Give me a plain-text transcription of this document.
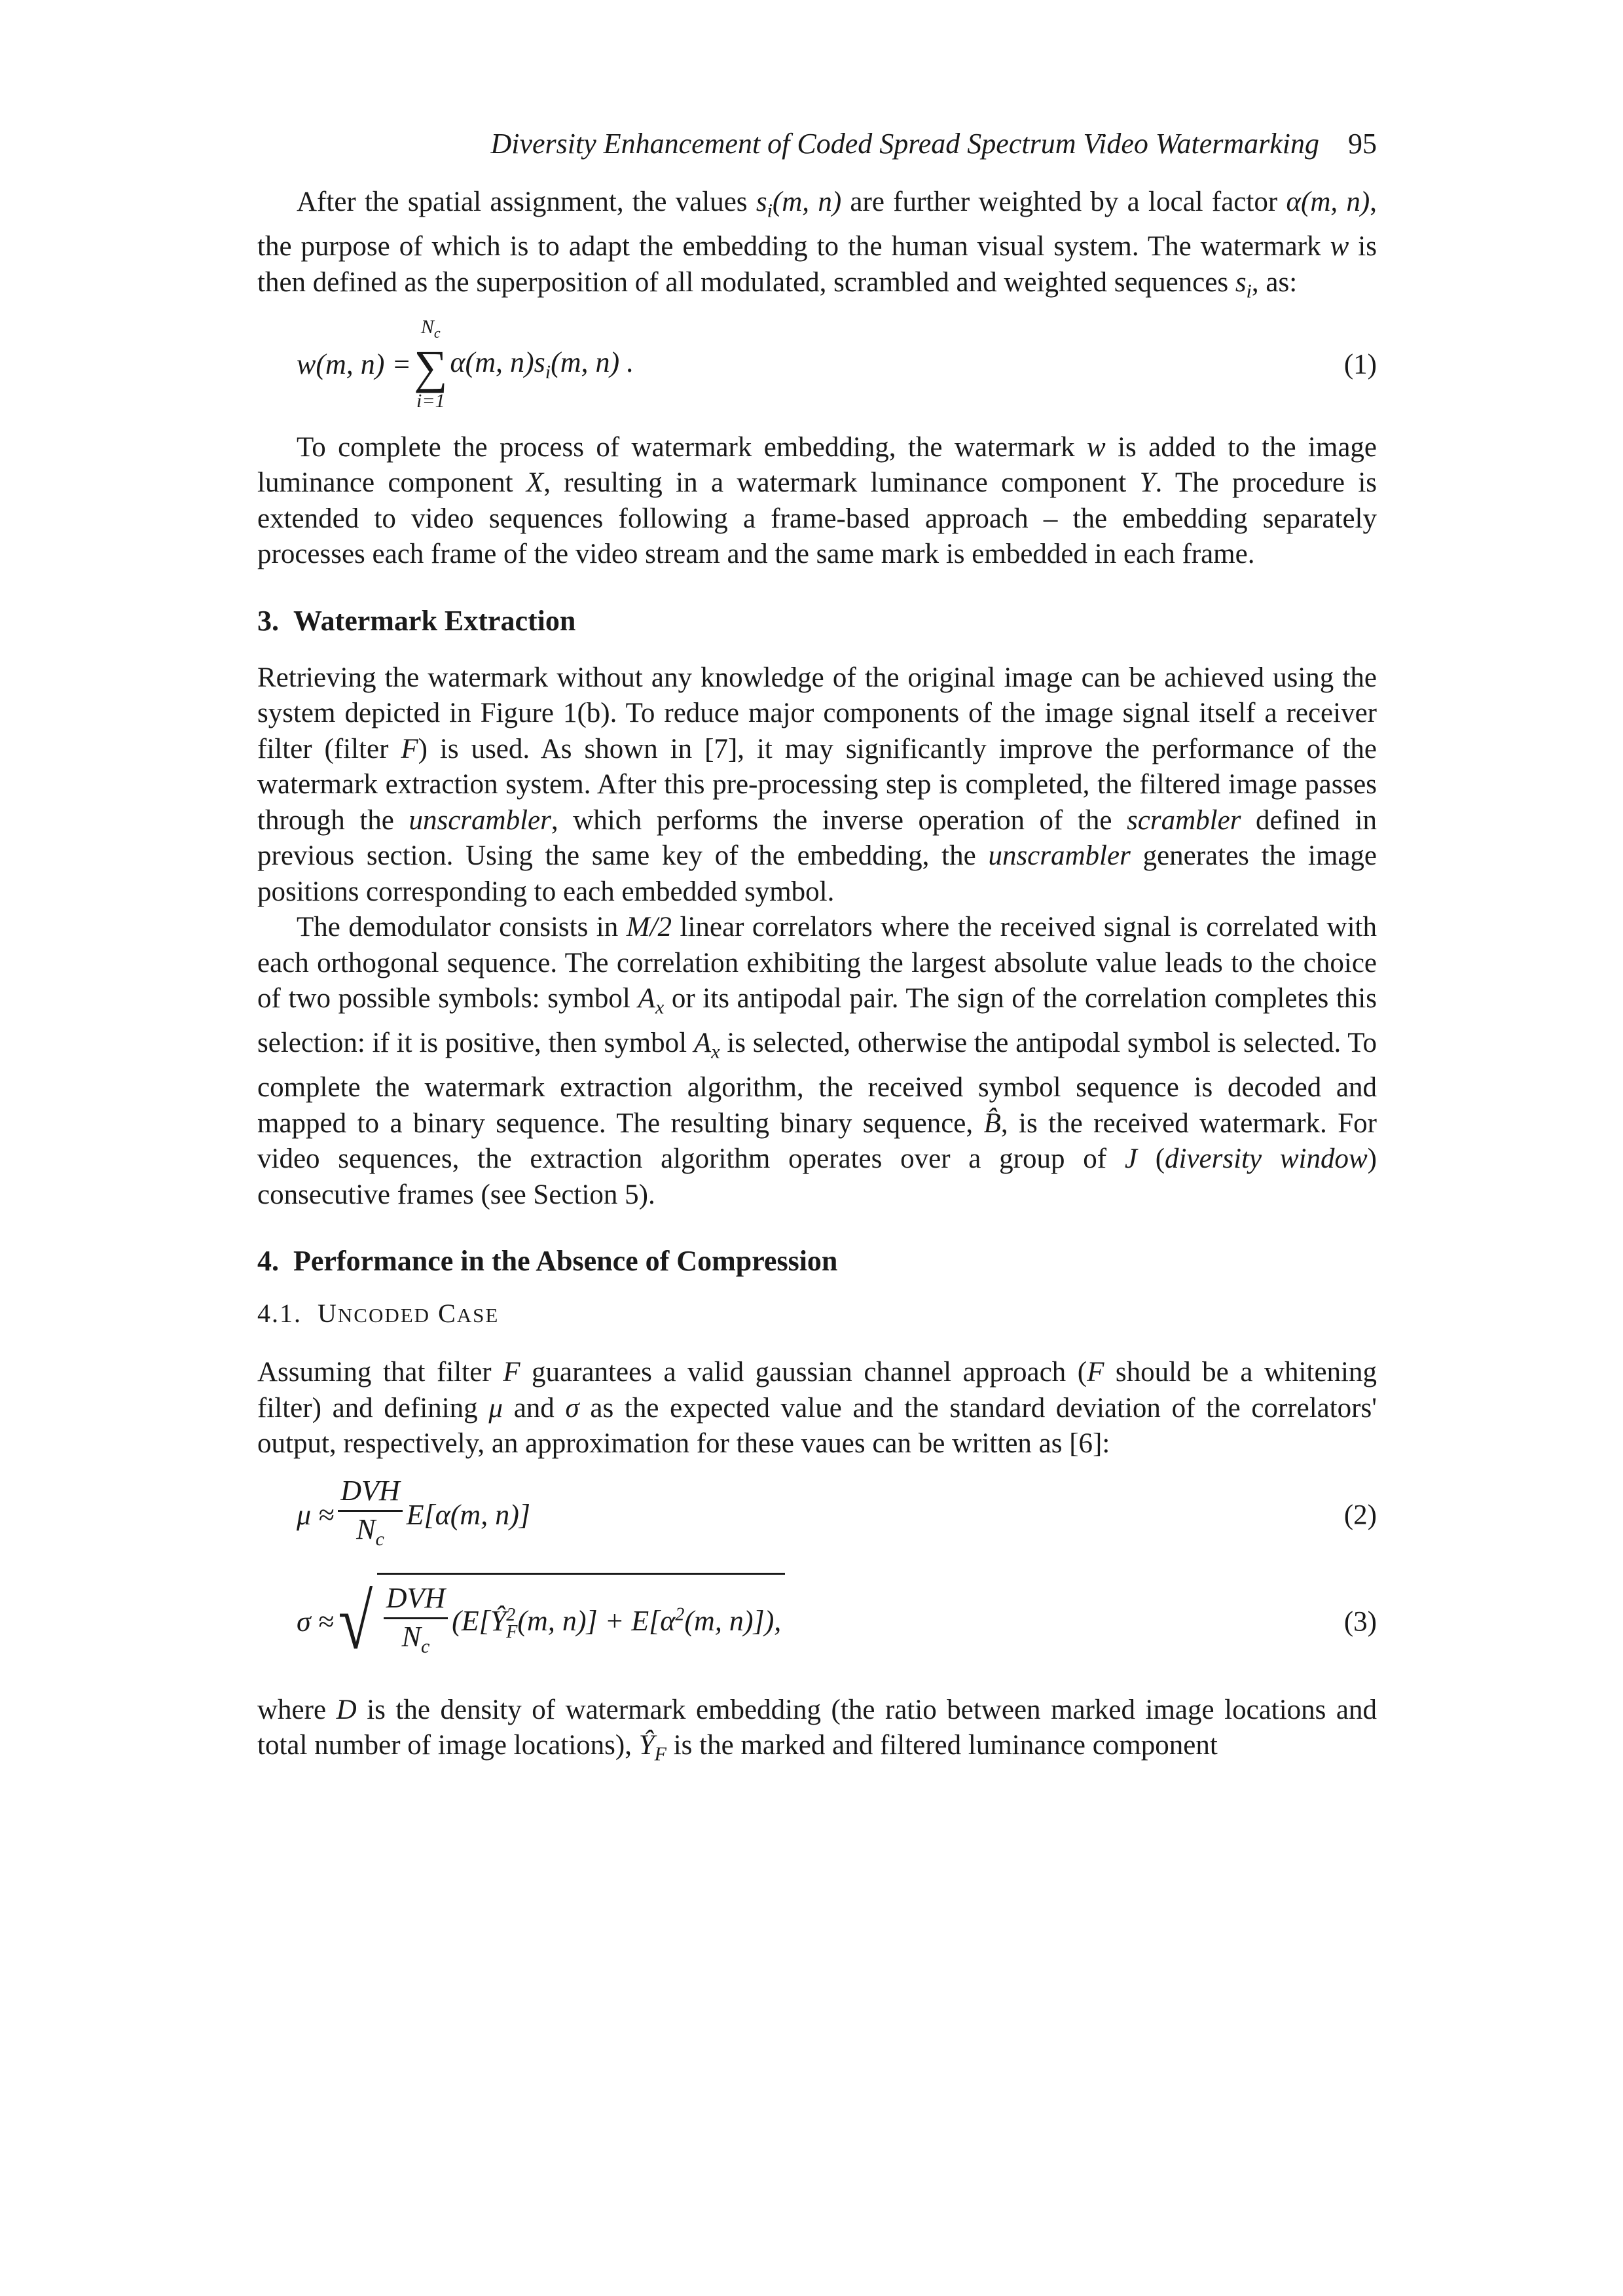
Diversity Enhancement of Coded Spread Spectrum Video Watermarking 95

After the spatial assignment, the values $s_i(m$, n) are further weighted by a local factor α(m, n), the purpose of which is to adapt the embedding to the human visual system. The watermark w is then defined as the superposition of all modulated, scrambled and weighted sequences $s_i$, as:

w(m, n) =
$N_c$
∑
i=1
α(m, $n)s_i(m$, n) .	(1)

To complete the process of watermark embedding, the watermark w is added to the image luminance component X, resulting in a watermark luminance component Y. The procedure is extended to video sequences following a frame-based approach – the embedding separately processes each frame of the video stream and the same mark is embedded in each frame.

3. Watermark Extraction

Retrieving the watermark without any knowledge of the original image can be achieved using the system depicted in Figure 1(b). To reduce major components of the image signal itself a receiver filter (filter F) is used. As shown in [7], it may significantly improve the performance of the watermark extraction system. After this pre-processing step is completed, the filtered image passes through the unscrambler, which performs the inverse operation of the scrambler defined in previous section. Using the same key of the embedding, the unscrambler generates the image positions corresponding to each embedded symbol.

The demodulator consists in M/2 linear correlators where the received signal is correlated with each orthogonal sequence. The correlation exhibiting the largest absolute value leads to the choice of two possible symbols: symbol $A_x$ or its antipodal pair. The sign of the correlation completes this selection: if it is positive, then symbol $A_x$ is selected, otherwise the antipodal symbol is selected. To complete the watermark extraction algorithm, the received symbol sequence is decoded and mapped to a binary sequence. The resulting binary sequence, B̂, is the received watermark. For video sequences, the extraction algorithm operates over a group of J (diversity window) consecutive frames (see Section 5).

4. Performance in the Absence of Compression
4.1. UNCODED CASE

Assuming that filter F guarantees a valid gaussian channel approach (F should be a whitening filter) and defining μ and σ as the expected value and the standard deviation of the correlators' output, respectively, an approximation for these vaues can be written as [6]:

$\mu \approx \frac{\text{DVH}}{N_c} E[\alpha(m$, n)]	(2)
σ ≈ √ $\frac{\text{DVH}}{N_c}$ (E[Ŷ 2
F (m, $n)] + E[\alpha^2(m$, n)]),	(3)

where D is the density of watermark embedding (the ratio between marked image locations and total number of image locations), $Ŷ_F$ is the marked and filtered luminance component
